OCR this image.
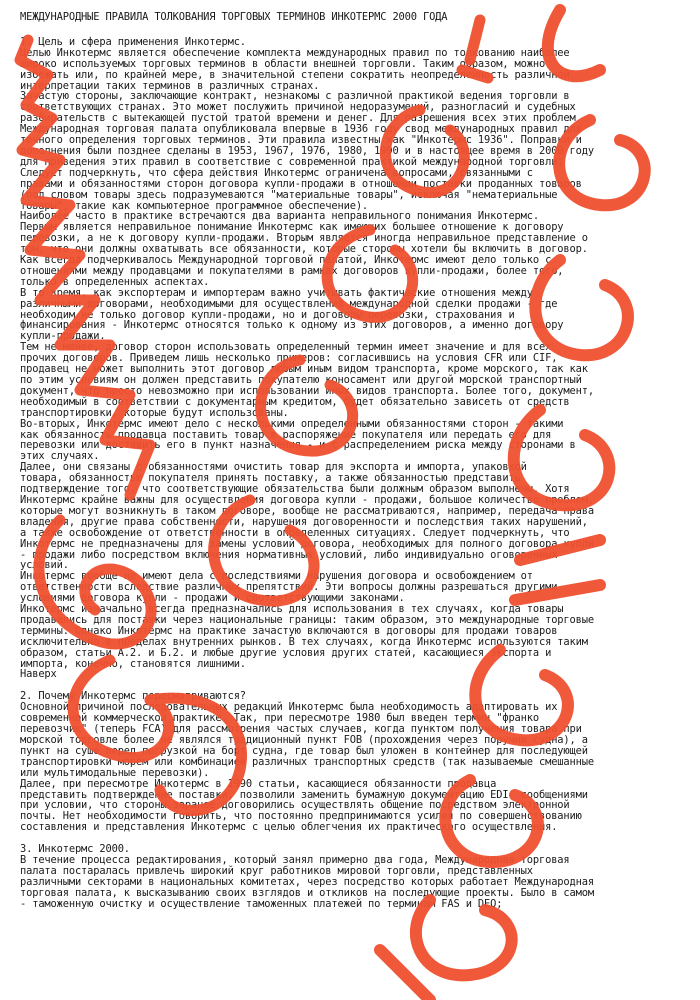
МЕЖДУНАРОДНЫЕ ПРАВИЛА ТОЛКОВАНИЯ ТОРГОВЫХ ТЕРМИНОВ ИНКОТЕРМС 2000 ГОДА
1. Цель и сфера применения Инкотермс.
Целью Инкотермс является обеспечение комплекта международных правил по толкованию наиболее
широко используемых торговых терминов в области внешней торговли. Таким образом, можно
избежать или, по крайней мере, в значительной степени сократить неопределенность различной
интерпретации таких терминов в различных странах.
Зачастую стороны, заключающие контракт, незнакомы с различной практикой ведения торговли в
соответствующих странах. Это может послужить причиной недоразумений, разногласий и судебных
разбирательств с вытекающей пустой тратой времени и денег. Для разрешения всех этих проблем
Международная торговая палата опубликовала впервые в 1936 году свод международных правил для
точного определения торговых терминов. Эти правила известны как "Инкотермс 1936". Поправки и
дополнения были позднее сделаны в 1953, 1967, 1976, 1980, 1990 и в настоящее время в 2000 году
для приведения этих правил в соответствие с современной практикой международной торговли.
Следует подчеркнуть, что сфера действия Инкотермс ограничена вопросами, связанными с
правами и обязанностями сторон договора купли-продажи в отношении поставки проданных товаров
(под словом товары здесь подразумеваются "материальные товары", исключая "нематериальные
товары", такие как компьютерное программное обеспечение).
Наиболее часто в практике встречаются два варианта неправильного понимания Инкотермс.
Первым является неправильное понимание Инкотермс как имеющих большее отношение к договору
перевозки, а не к договору купли-продажи. Вторым является иногда неправильное представление о
том, что они должны охватывать все обязанности, которые стороны хотели бы включить в договор.
Как всегда подчеркивалось Международной торговой палатой, Инкотермс имеют дело только с
отношениями между продавцами и покупателями в рамках договоров купли-продажи, более того,
только в определенных аспектах.
В то время, как экспортерам и импортерам важно учитывать фактические отношения между
различными договорами, необходимыми для осуществления международной сделки продажи - где
необходим не только договор купли-продажи, но и договоры перевозки, страхования и
финансирования - Инкотермс относятся только к одному из этих договоров, а именно договору
купли-продажи.
Тем не менее, договор сторон использовать определенный термин имеет значение и для всех
прочих договоров. Приведем лишь несколько примеров: согласившись на условия CFR или CIF,
продавец не может выполнить этот договор любым иным видом транспорта, кроме морского, так как
по этим условиям он должен представить покупателю коносамент или другой морской транспортный
документ, что просто невозможно при использовании иных видов транспорта. Более того, документ,
необходимый в соответствии с документарным кредитом, будет обязательно зависеть от средств
транспортировки, которые будут использованы.
Во-вторых, Инкотермс имеют дело с несколькими определенными обязанностями сторон - такими
как обязанность продавца поставить товар в распоряжение покупателя или передать его для
перевозки или доставить его в пункт назначения - и с распределением риска между сторонами в
этих случаях.
Далее, они связаны с обязанностями очистить товар для экспорта и импорта, упаковкой
товара, обязанностью покупателя принять поставку, а также обязанностью представить
подтверждение того, что соответствующие обязательства были должным образом выполнены. Хотя
Инкотермс крайне важны для осуществления договора купли - продажи, большое количество проблем,
которые могут возникнуть в таком договоре, вообще не рассматриваются, например, передача права
владения, другие права собственности, нарушения договоренности и последствия таких нарушений,
а также освобождение от ответственности в определенных ситуациях. Следует подчеркнуть, что
Инкотермс не предназначены для замены условий договора, необходимых для полного договора купли
- продажи либо посредством включения нормативных условий, либо индивидуально оговоренных
условий.
Инкотермс вообще не имеют дела с последствиями нарушения договора и освобождением от
ответственности вследствие различных препятствий. Эти вопросы должны разрешаться другими
условиями договора купли - продажи и соответствующими законами.
Инкотермс изначально всегда предназначались для использования в тех случаях, когда товары
продавались для поставки через национальные границы: таким образом, это международные торговые
термины. Однако Инкотермс на практике зачастую включаются в договоры для продажи товаров
исключительно в пределах внутренних рынков. В тех случаях, когда Инкотермс используются таким
образом, статьи А.2. и Б.2. и любые другие условия других статей, касающиеся экспорта и
импорта, конечно, становятся лишними.
Наверх
2. Почему Инкотермс пересматриваются?
Основной причиной последовательных редакций Инкотермс была необходимость адаптировать их
современной коммерческой практике. Так, при пересмотре 1980 был введен термин "франко
перевозчик" (теперь FCA) для рассмотрения частых случаев, когда пунктом получения товара при
морской торговле более не являлся традиционный пункт FOB (прохождения через поручни судна), а
пункт на суше перед погрузкой на борт судна, где товар был уложен в контейнер для последующей
транспортировки морем или комбинацией различных транспортных средств (так называемые смешанные
или мультимодальные перевозки).
Далее, при пересмотре Инкотермс в 1990 статьи, касающиеся обязанности продавца
представить подтверждение поставки, позволили заменить бумажную документацию EDI- сообщениями
при условии, что стороны заранее договорились осуществлять общение посредством электронной
почты. Нет необходимости говорить, что постоянно предпринимаются усилия по совершенствованию
составления и представления Инкотермс с целью облегчения их практического осуществления.
3. Инкотермс 2000.
В течение процесса редактирования, который занял примерно два года, Международная торговая
палата постаралась привлечь широкий круг работников мировой торговли, представленных
различными секторами в национальных комитетах, через посредство которых работает Международная
торговая палата, к высказыванию своих взглядов и откликов на последующие проекты. Было в самом
- таможенную очистку и осуществление таможенных платежей по терминам FAS и DEQ;
